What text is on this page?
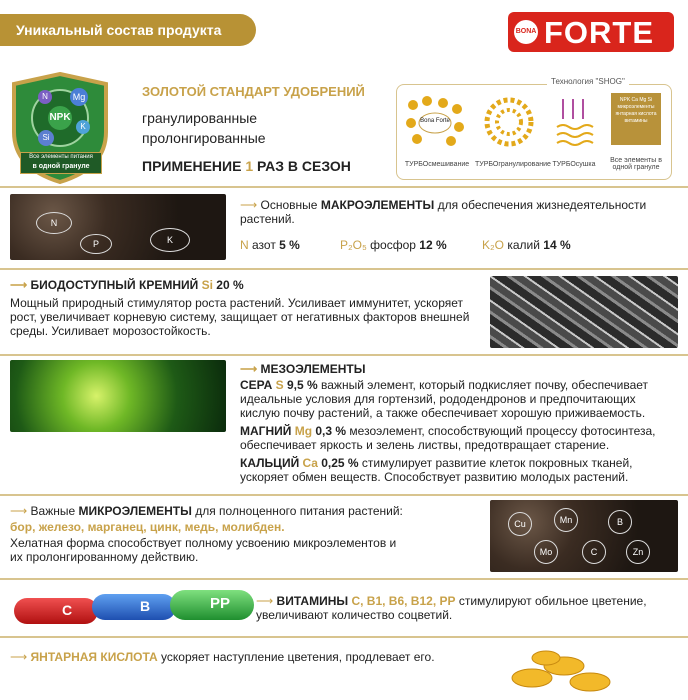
Уникальный состав продукта	BONA FORTE
NPK
Mg
Si
N
K
Все элементы питания
в одной грануле
ЗОЛОТОЙ СТАНДАРТ УДОБРЕНИЙ
гранулированные
пролонгированные
ПРИМЕНЕНИЕ 1 РАЗ В СЕЗОН
Технология "SHOG"
Bona Forte
NPK Ca Mg Si микроэлементы янтарная кислота витамины
ТУРБОсмешивание ТУРБОгранулирование ТУРБОсушка
Все элементы в одной грануле
N
P	K
⟶ Основные МАКРОЭЛЕМЕНТЫ для обеспечения жизнедеятельности растений.
N азот 5 %	P₂O₅ фосфор 12 %	K₂O калий 14 %
⟶ БИОДОСТУПНЫЙ КРЕМНИЙ Si 20 %
Мощный природный стимулятор роста растений. Усиливает иммунитет, ускоряет рост, увеличивает корневую систему, защищает от негативных факторов внешней среды. Усиливает морозостойкость.
⟶ МЕЗОЭЛЕМЕНТЫ
СЕРА S 9,5 % важный элемент, который подкисляет почву, обеспечивает идеальные условия для гортензий, рододендронов и предпочитающих кислую почву растений, а также обеспечивает хорошую приживаемость.
МАГНИЙ Mg 0,3 % мезоэлемент, способствующий процессу фотосинтеза, обеспечивает яркость и зелень листвы, предотвращает старение.
КАЛЬЦИЙ Ca 0,25 % стимулирует развитие клеток покровных тканей, ускоряет обмен веществ. Способствует развитию молодых растений.
⟶ Важные МИКРОЭЛЕМЕНТЫ для полноценного питания растений:
бор, железо, марганец, цинк, медь, молибден.
Хелатная форма способствует полному усвоению микроэлементов и их пролонгированному действию.
Cu	Mn	B
Mo	C	Zn
C	B	PP ⟶ ВИТАМИНЫ С, В1, В6, В12, РР стимулируют обильное цветение, увеличивают количество соцветий.
⟶ ЯНТАРНАЯ КИСЛОТА ускоряет наступление цветения, продлевает его.
